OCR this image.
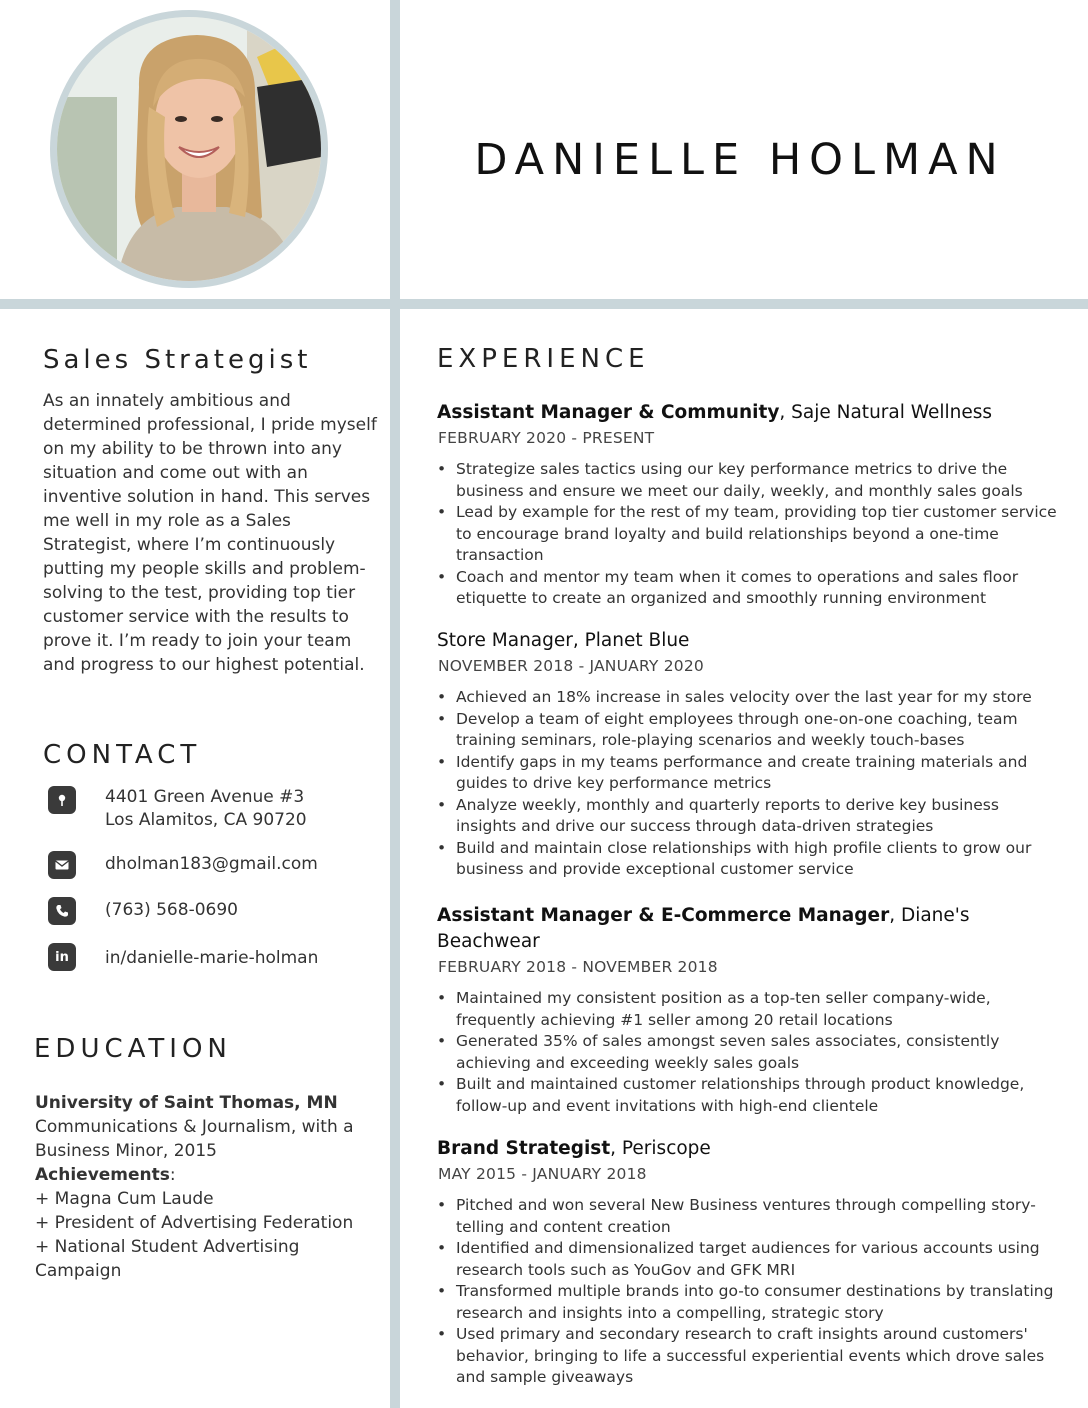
DANIELLE HOLMAN
Sales Strategist

As an innately ambitious and determined professional, I pride myself on my ability to be thrown into any situation and come out with an inventive solution in hand. This serves me well in my role as a Sales Strategist, where I’m continuously putting my people skills and problem-solving to the test, providing top tier customer service with the results to prove it. I’m ready to join your team and progress to our highest potential.

CONTACT
4401 Green Avenue #3
Los Alamitos, CA 90720
dholman183@gmail.com
(763) 568-0690
in	in/danielle-marie-holman
EDUCATION
University of Saint Thomas, MN
Communications & Journalism, with a Business Minor, 2015
Achievements:
+ Magna Cum Laude
+ President of Advertising Federation
+ National Student Advertising Campaign
EXPERIENCE
Assistant Manager & Community, Saje Natural Wellness
FEBRUARY 2020 - PRESENT
• Strategize sales tactics using our key performance metrics to drive the business and ensure we meet our daily, weekly, and monthly sales goals
• Lead by example for the rest of my team, providing top tier customer service to encourage brand loyalty and build relationships beyond a one-time transaction
• Coach and mentor my team when it comes to operations and sales floor etiquette to create an organized and smoothly running environment
Store Manager, Planet Blue
NOVEMBER 2018 - JANUARY 2020
• Achieved an 18% increase in sales velocity over the last year for my store
• Develop a team of eight employees through one-on-one coaching, team training seminars, role-playing scenarios and weekly touch-bases
• Identify gaps in my teams performance and create training materials and guides to drive key performance metrics
• Analyze weekly, monthly and quarterly reports to derive key business insights and drive our success through data-driven strategies
• Build and maintain close relationships with high profile clients to grow our business and provide exceptional customer service
Assistant Manager & E-Commerce Manager, Diane's Beachwear
FEBRUARY 2018 - NOVEMBER 2018
• Maintained my consistent position as a top-ten seller company-wide, frequently achieving #1 seller among 20 retail locations
• Generated 35% of sales amongst seven sales associates, consistently achieving and exceeding weekly sales goals
• Built and maintained customer relationships through product knowledge, follow-up and event invitations with high-end clientele
Brand Strategist, Periscope
MAY 2015 - JANUARY 2018
• Pitched and won several New Business ventures through compelling story-telling and content creation
• Identified and dimensionalized target audiences for various accounts using research tools such as YouGov and GFK MRI
• Transformed multiple brands into go-to consumer destinations by translating research and insights into a compelling, strategic story
• Used primary and secondary research to craft insights around customers' behavior, bringing to life a successful experiential events which drove sales and sample giveaways
